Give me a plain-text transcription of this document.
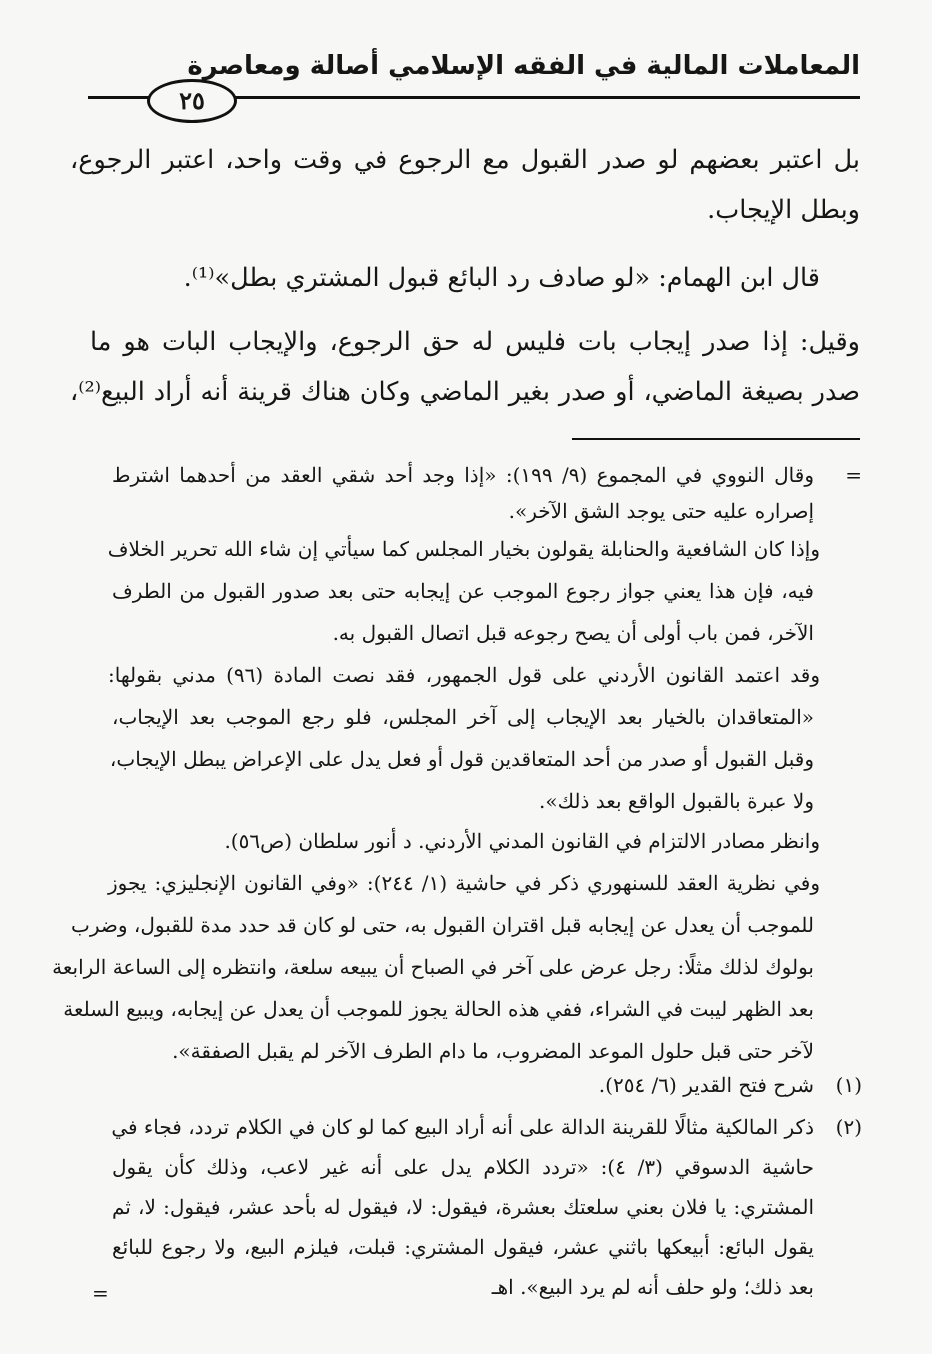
المعاملات المالية في الفقه الإسلامي أصالة ومعاصرة
٢٥
بل اعتبر بعضهم لو صدر القبول مع الرجوع في وقت واحد، اعتبر الرجوع،
وبطل الإيجاب.
قال ابن الهمام: «لو صادف رد البائع قبول المشتري بطل»⁽¹⁾.
وقيل: إذا صدر إيجاب بات فليس له حق الرجوع، والإيجاب البات هو ما
صدر بصيغة الماضي، أو صدر بغير الماضي وكان هناك قرينة أنه أراد البيع⁽²⁾،
=
وقال النووي في المجموع (٩/ ١٩٩): «إذا وجد أحد شقي العقد من أحدهما اشترط
إصراره عليه حتى يوجد الشق الآخر».
وإذا كان الشافعية والحنابلة يقولون بخيار المجلس كما سيأتي إن شاء الله تحرير الخلاف
فيه، فإن هذا يعني جواز رجوع الموجب عن إيجابه حتى بعد صدور القبول من الطرف
الآخر، فمن باب أولى أن يصح رجوعه قبل اتصال القبول به.
وقد اعتمد القانون الأردني على قول الجمهور، فقد نصت المادة (٩٦) مدني بقولها:
«المتعاقدان بالخيار بعد الإيجاب إلى آخر المجلس، فلو رجع الموجب بعد الإيجاب،
وقبل القبول أو صدر من أحد المتعاقدين قول أو فعل يدل على الإعراض يبطل الإيجاب،
ولا عبرة بالقبول الواقع بعد ذلك».
وانظر مصادر الالتزام في القانون المدني الأردني. د أنور سلطان (ص٥٦).
وفي نظرية العقد للسنهوري ذكر في حاشية (١/ ٢٤٤): «وفي القانون الإنجليزي: يجوز
للموجب أن يعدل عن إيجابه قبل اقتران القبول به، حتى لو كان قد حدد مدة للقبول، وضرب
بولوك لذلك مثلًا: رجل عرض على آخر في الصباح أن يبيعه سلعة، وانتظره إلى الساعة الرابعة
بعد الظهر ليبت في الشراء، ففي هذه الحالة يجوز للموجب أن يعدل عن إيجابه، ويبيع السلعة
لآخر حتى قبل حلول الموعد المضروب، ما دام الطرف الآخر لم يقبل الصفقة».
(١)
شرح فتح القدير (٦/ ٢٥٤).
(٢)
ذكر المالكية مثالًا للقرينة الدالة على أنه أراد البيع كما لو كان في الكلام تردد، فجاء في
حاشية الدسوقي (٣/ ٤): «تردد الكلام يدل على أنه غير لاعب، وذلك كأن يقول
المشتري: يا فلان بعني سلعتك بعشرة، فيقول: لا، فيقول له بأحد عشر، فيقول: لا، ثم
يقول البائع: أبيعكها باثني عشر، فيقول المشتري: قبلت، فيلزم البيع، ولا رجوع للبائع
بعد ذلك؛ ولو حلف أنه لم يرد البيع». اهـ
=
